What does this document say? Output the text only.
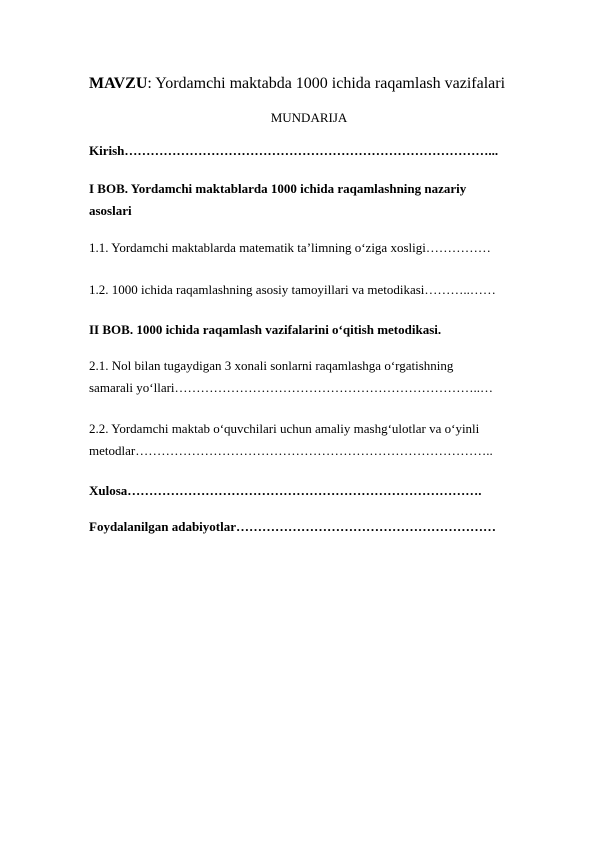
MAVZU: Yordamchi maktabda 1000 ichida raqamlash vazifalari
MUNDARIJA
Kirish…………………………………………………………………………...
I BOB. Yordamchi maktablarda 1000 ichida raqamlashning nazariy
asoslari
1.1. Yordamchi maktablarda matematik ta’limning o‘ziga xosligi……………
1.2. 1000 ichida raqamlashning asosiy tamoyillari va metodikasi………..……
II BOB. 1000 ichida raqamlash vazifalarini o‘qitish metodikasi.
2.1. Nol bilan tugaydigan 3 xonali sonlarni raqamlashga o‘rgatishning
samarali yo‘llari……………………………………………………………..…
2.2. Yordamchi maktab o‘quvchilari uchun amaliy mashg‘ulotlar va o‘yinli
metodlar………………………………………………………………………..
Xulosa……………………………………………………………………….
Foydalanilgan adabiyotlar……………………………………………………
